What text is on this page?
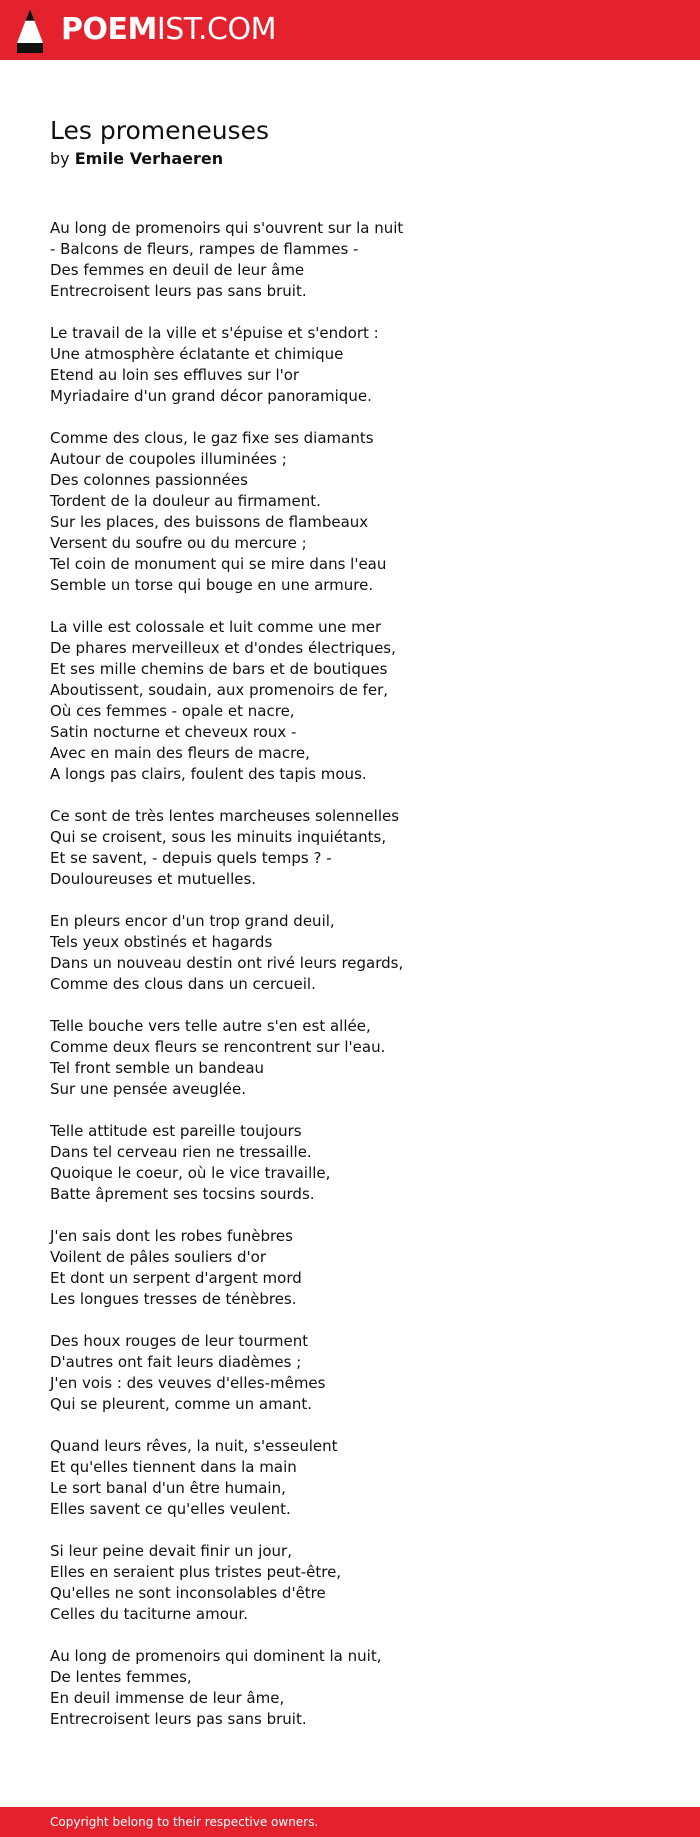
POEMIST.COM
Les promeneuses
by Emile Verhaeren
Au long de promenoirs qui s'ouvrent sur la nuit
- Balcons de fleurs, rampes de flammes -
Des femmes en deuil de leur âme
Entrecroisent leurs pas sans bruit.
Le travail de la ville et s'épuise et s'endort :
Une atmosphère éclatante et chimique
Etend au loin ses effluves sur l'or
Myriadaire d'un grand décor panoramique.
Comme des clous, le gaz fixe ses diamants
Autour de coupoles illuminées ;
Des colonnes passionnées
Tordent de la douleur au firmament.
Sur les places, des buissons de flambeaux
Versent du soufre ou du mercure ;
Tel coin de monument qui se mire dans l'eau
Semble un torse qui bouge en une armure.
La ville est colossale et luit comme une mer
De phares merveilleux et d'ondes électriques,
Et ses mille chemins de bars et de boutiques
Aboutissent, soudain, aux promenoirs de fer,
Où ces femmes - opale et nacre,
Satin nocturne et cheveux roux -
Avec en main des fleurs de macre,
A longs pas clairs, foulent des tapis mous.
Ce sont de très lentes marcheuses solennelles
Qui se croisent, sous les minuits inquiétants,
Et se savent, - depuis quels temps ? -
Douloureuses et mutuelles.
En pleurs encor d'un trop grand deuil,
Tels yeux obstinés et hagards
Dans un nouveau destin ont rivé leurs regards,
Comme des clous dans un cercueil.
Telle bouche vers telle autre s'en est allée,
Comme deux fleurs se rencontrent sur l'eau.
Tel front semble un bandeau
Sur une pensée aveuglée.
Telle attitude est pareille toujours
Dans tel cerveau rien ne tressaille.
Quoique le coeur, où le vice travaille,
Batte âprement ses tocsins sourds.
J'en sais dont les robes funèbres
Voilent de pâles souliers d'or
Et dont un serpent d'argent mord
Les longues tresses de ténèbres.
Des houx rouges de leur tourment
D'autres ont fait leurs diadèmes ;
J'en vois : des veuves d'elles-mêmes
Qui se pleurent, comme un amant.
Quand leurs rêves, la nuit, s'esseulent
Et qu'elles tiennent dans la main
Le sort banal d'un être humain,
Elles savent ce qu'elles veulent.
Si leur peine devait finir un jour,
Elles en seraient plus tristes peut-être,
Qu'elles ne sont inconsolables d'être
Celles du taciturne amour.
Au long de promenoirs qui dominent la nuit,
De lentes femmes,
En deuil immense de leur âme,
Entrecroisent leurs pas sans bruit.
Copyright belong to their respective owners.
